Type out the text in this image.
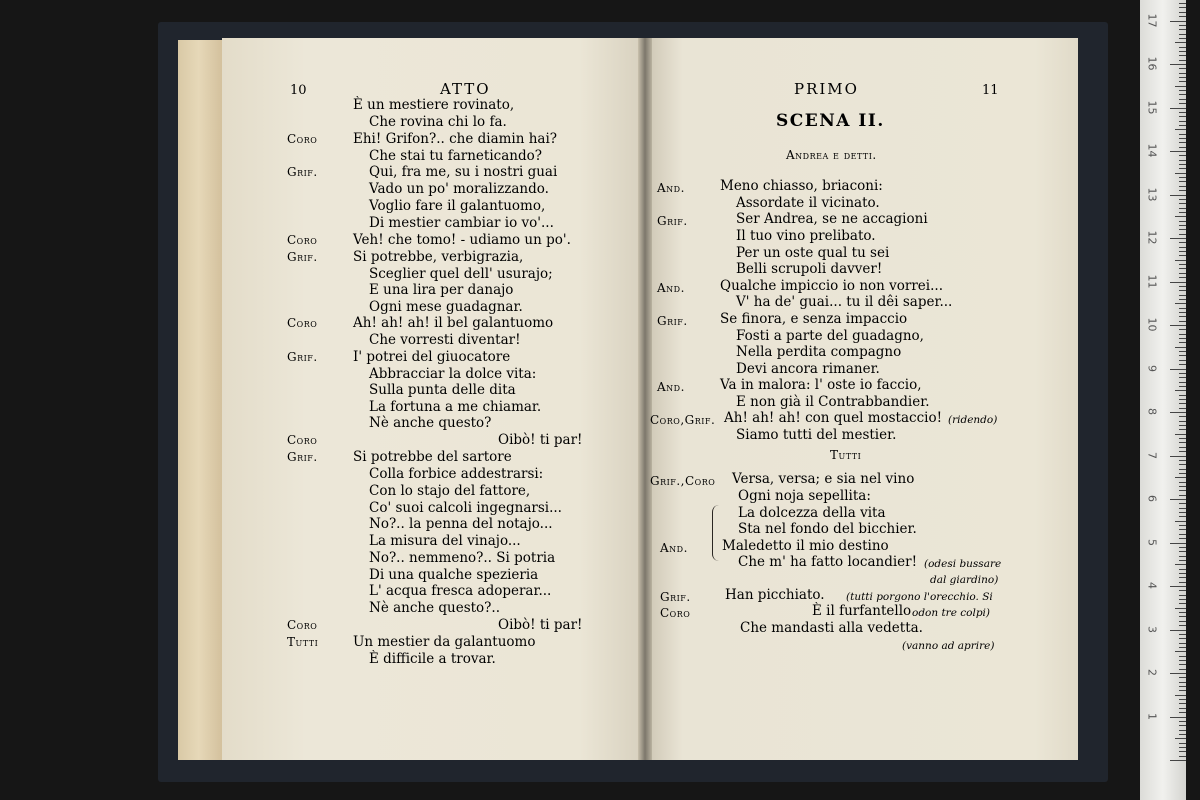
10	ATTO
È un mestiere rovinato,
Che rovina chi lo fa.
Coro	Ehi! Grifon?.. che diamin hai?
Che stai tu farneticando?
Grif.	Qui, fra me, su i nostri guai
Vado un po' moralizzando.
Voglio fare il galantuomo,
Di mestier cambiar io vo'...
Coro	Veh! che tomo! - udiamo un po'.
Grif.	Si potrebbe, verbigrazia,
Sceglier quel dell' usurajo;
E una lira per danajo
Ogni mese guadagnar.
Coro	Ah! ah! ah! il bel galantuomo
Che vorresti diventar!
Grif.	I' potrei del giuocatore
Abbracciar la dolce vita:
Sulla punta delle dita
La fortuna a me chiamar.
Nè anche questo?
Coro	Oibò! ti par!
Grif.	Si potrebbe del sartore
Colla forbice addestrarsi:
Con lo stajo del fattore,
Co' suoi calcoli ingegnarsi...
No?.. la penna del notajo...
La misura del vinajo...
No?.. nemmeno?.. Si potria
Di una qualche spezieria
L' acqua fresca adoperar...
Nè anche questo?..
Coro	Oibò! ti par!
Tutti	Un mestier da galantuomo
È difficile a trovar.
PRIMO	11
SCENA II.
Andrea e detti.
And.	Meno chiasso, briaconi:
Assordate il vicinato.
Grif.	Ser Andrea, se ne accagioni
Il tuo vino prelibato.
Per un oste qual tu sei
Belli scrupoli davver!
And.	Qualche impiccio io non vorrei...
V' ha de' guai... tu il dêi saper...
Grif. Se finora, e senza impaccio
Fosti a parte del guadagno,
Nella perdita compagno
Devi ancora rimaner.
And.	Va in malora: l' oste io faccio,
E non già il Contrabbandier.
Coro,Grif. Ah! ah! ah! con quel mostaccio! (ridendo)
Siamo tutti del mestier.
Tutti
Grif.,Coro Versa, versa; e sia nel vino
Ogni noja sepellita:
La dolcezza della vita
Sta nel fondo del bicchier.
And.	Maledetto il mio destino
Che m' ha fatto locandier! (odesi bussare
dal giardino)
Grif.	Han picchiato. (tutti porgono l'orecchio. Si
Coro	È il furfantello odon tre colpi)
Che mandasti alla vedetta.
(vanno ad aprire)
1
2
3
4
5
6
7
8
9
10
11
12
13
14
15
16
17
